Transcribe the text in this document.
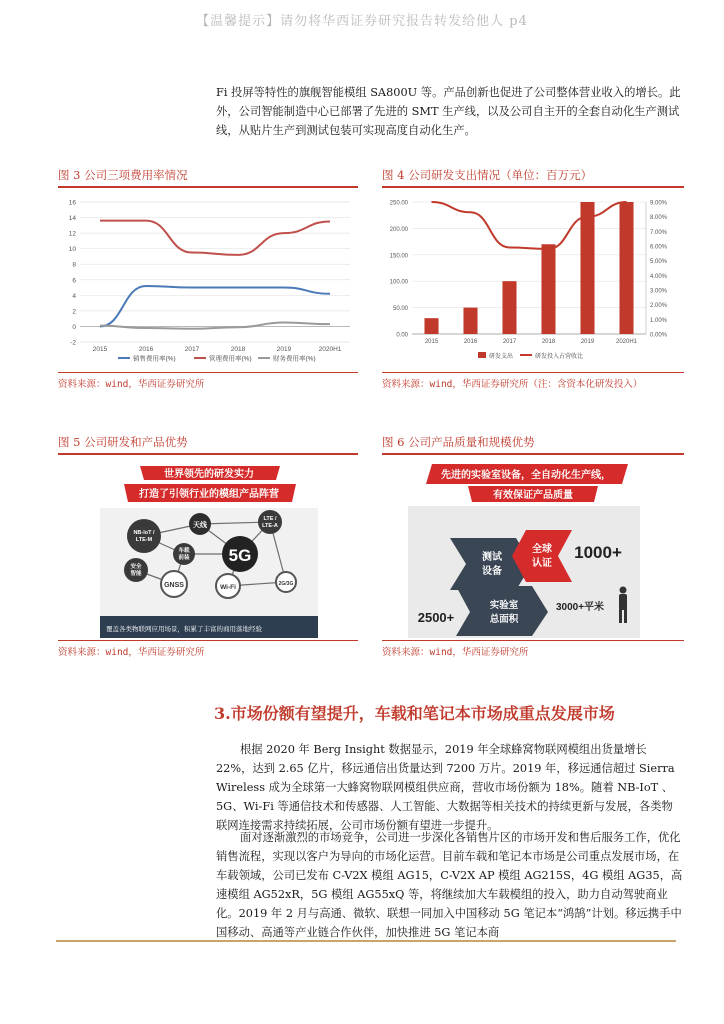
【温馨提示】请勿将华西证券研究报告转发给他人 p4
Fi 投屏等特性的旗舰智能模组 SA800U 等。产品创新也促进了公司整体营业收入的增长。此外，公司智能制造中心已部署了先进的 SMT 生产线，以及公司自主开的全套自动化生产测试线，从贴片生产到测试包装可实现高度自动化生产。
图 3 公司三项费用率情况
-2
0
2
4
6
8
10
12
14
16
2015	2016	2017	2018	2019	2020H1
销售费用率(%)	管理费用率(%)	财务费用率(%)
资料来源：wind，华西证券研究所
图 4 公司研发支出情况（单位：百万元）
0.00
50.00
100.00
150.00
200.00
250.00
0.00%
1.00%
2.00%
3.00%
4.00%
5.00%
6.00%
7.00%
8.00%
9.00%
2015	2016	2017	2018	2019	2020H1
研发支出	研发投入占营收比
资料来源：wind，华西证券研究所（注：含资本化研发投入）
图 5 公司研发和产品优势
世界领先的研发实力
打造了引领行业的模组产品阵营
NB-IoT /
LTE-M
天线
LTE /
LTE-A
车载
前装 5G
安全
智能
GNSS	Wi-Fi	2G/3G
覆盖各类物联网应用场景，积累了丰富的商用落地经验
资料来源：wind，华西证券研究所
图 6 公司产品质量和规模优势
先进的实验室设备，全自动化生产线，
有效保证产品质量
测试
设备
全球
认证
实验室
总面积
1000+
3000+平米
2500+
资料来源：wind，华西证券研究所
3.市场份额有望提升，车载和笔记本市场成重点发展市场
根据 2020 年 Berg Insight 数据显示，2019 年全球蜂窝物联网模组出货量增长 22%，达到 2.65 亿片，移远通信出货量达到 7200 万片。2019 年，移远通信超过 Sierra Wireless 成为全球第一大蜂窝物联网模组供应商，营收市场份额为 18%。随着 NB-IoT 、5G、Wi-Fi 等通信技术和传感器、人工智能、大数据等相关技术的持续更新与发展，各类物联网连接需求持续拓展，公司市场份额有望进一步提升。
面对逐渐激烈的市场竞争，公司进一步深化各销售片区的市场开发和售后服务工作，优化销售流程，实现以客户为导向的市场化运营。目前车载和笔记本市场是公司重点发展市场，在车载领域，公司已发布 C-V2X 模组 AG15，C-V2X AP 模组 AG215S，4G 模组 AG35，高速模组 AG52xR，5G 模组 AG55xQ 等，将继续加大车载模组的投入，助力自动驾驶商业化。2019 年 2 月与高通、微软、联想一同加入中国移动 5G 笔记本“鸿鹄”计划。移远携手中国移动、高通等产业链合作伙伴，加快推进 5G 笔记本商
